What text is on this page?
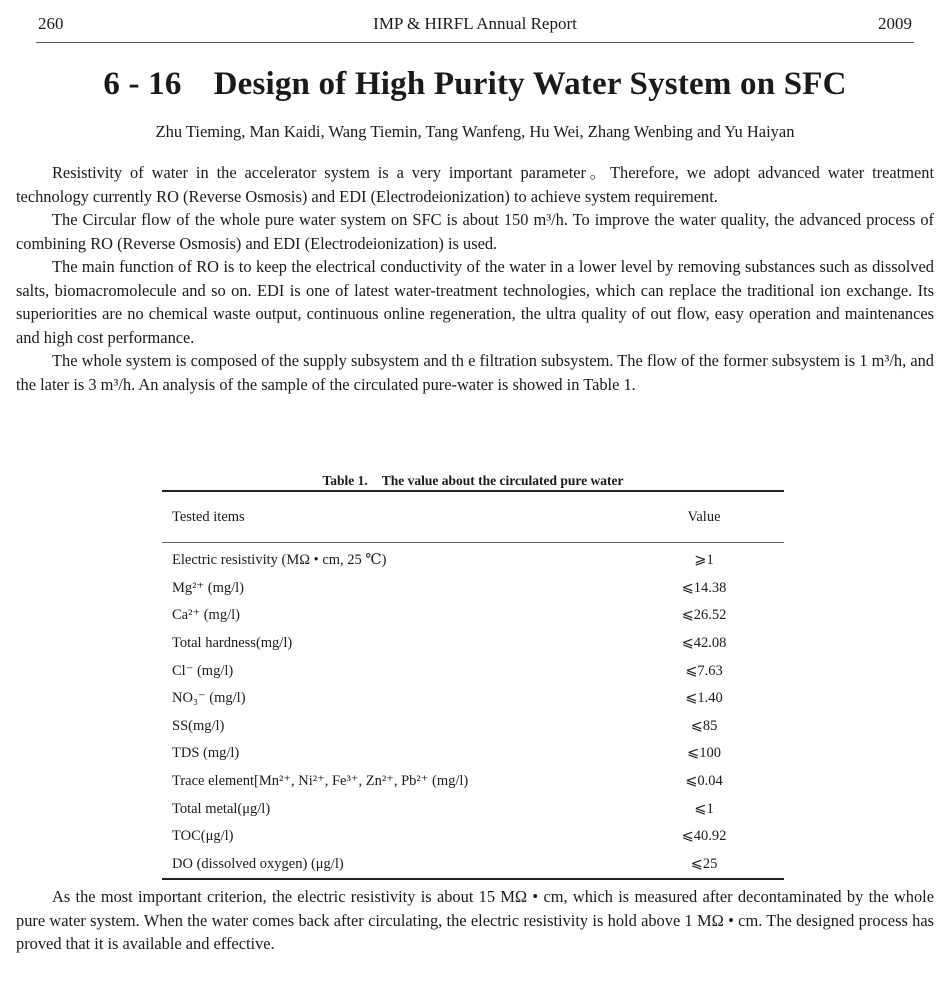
260	IMP & HIRFL Annual Report	2009
6 - 16 Design of High Purity Water System on SFC
Zhu Tieming, Man Kaidi, Wang Tiemin, Tang Wanfeng, Hu Wei, Zhang Wenbing and Yu Haiyan

Resistivity of water in the accelerator system is a very important parameter。Therefore, we adopt advanced water treatment technology currently RO (Reverse Osmosis) and EDI (Electrodeionization) to achieve system requirement.

The Circular flow of the whole pure water system on SFC is about 150 m³/h. To improve the water quality, the advanced process of combining RO (Reverse Osmosis) and EDI (Electrodeionization) is used.

The main function of RO is to keep the electrical conductivity of the water in a lower level by removing substances such as dissolved salts, biomacromolecule and so on. EDI is one of latest water-treatment technologies, which can replace the traditional ion exchange. Its superiorities are no chemical waste output, continuous online regeneration, the ultra quality of out flow, easy operation and maintenances and high cost performance.

The whole system is composed of the supply subsystem and th e filtration subsystem. The flow of the former subsystem is 1 m³/h, and the later is 3 m³/h. An analysis of the sample of the circulated pure-water is showed in Table 1.

Table 1. The value about the circulated pure water
Tested items	Value
Electric resistivity (MΩ • cm, 25 ℃)	⩾1
Mg²⁺ (mg/l)	⩽14.38
Ca²⁺ (mg/l)	⩽26.52
Total hardness(mg/l)	⩽42.08
Cl⁻ (mg/l)	⩽7.63
NO₃⁻ (mg/l)	⩽1.40
SS(mg/l)	⩽85
TDS (mg/l)	⩽100
Trace element[Mn²⁺, Ni²⁺, Fe³⁺, Zn²⁺, Pb²⁺ (mg/l)	⩽0.04
Total metal(μg/l)	⩽1
TOC(μg/l)	⩽40.92
DO (dissolved oxygen) (μg/l)	⩽25

As the most important criterion, the electric resistivity is about 15 MΩ • cm, which is measured after decontaminated by the whole pure water system. When the water comes back after circulating, the electric resistivity is hold above 1 MΩ • cm. The designed process has proved that it is available and effective.
